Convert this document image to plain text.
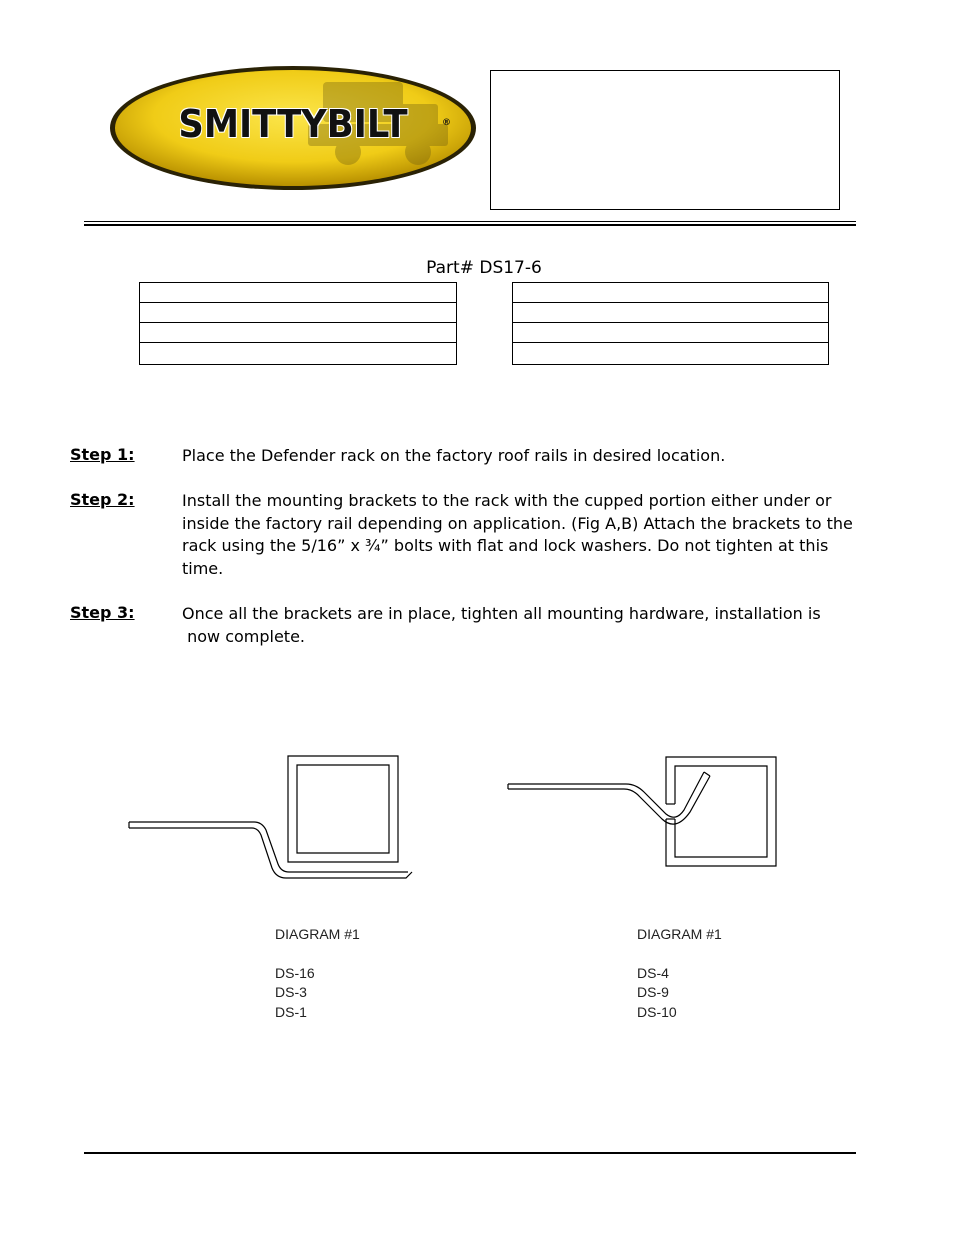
SMITTYBILT	®
Part# DS17-6
Step 1:	Place the Defender rack on the factory roof rails in desired location.
Step 2:	Install the mounting brackets to the rack with the cupped portion either under or
inside the factory rail depending on application. (Fig A,B) Attach the brackets to the
rack using the 5/16” x ¾” bolts with flat and lock washers. Do not tighten at this
time.
Step 3:	Once all the brackets are in place, tighten all mounting hardware, installation is
now complete.
DIAGRAM #1
DS-16
DS-3
DS-1
DIAGRAM #1
DS-4
DS-9
DS-10
